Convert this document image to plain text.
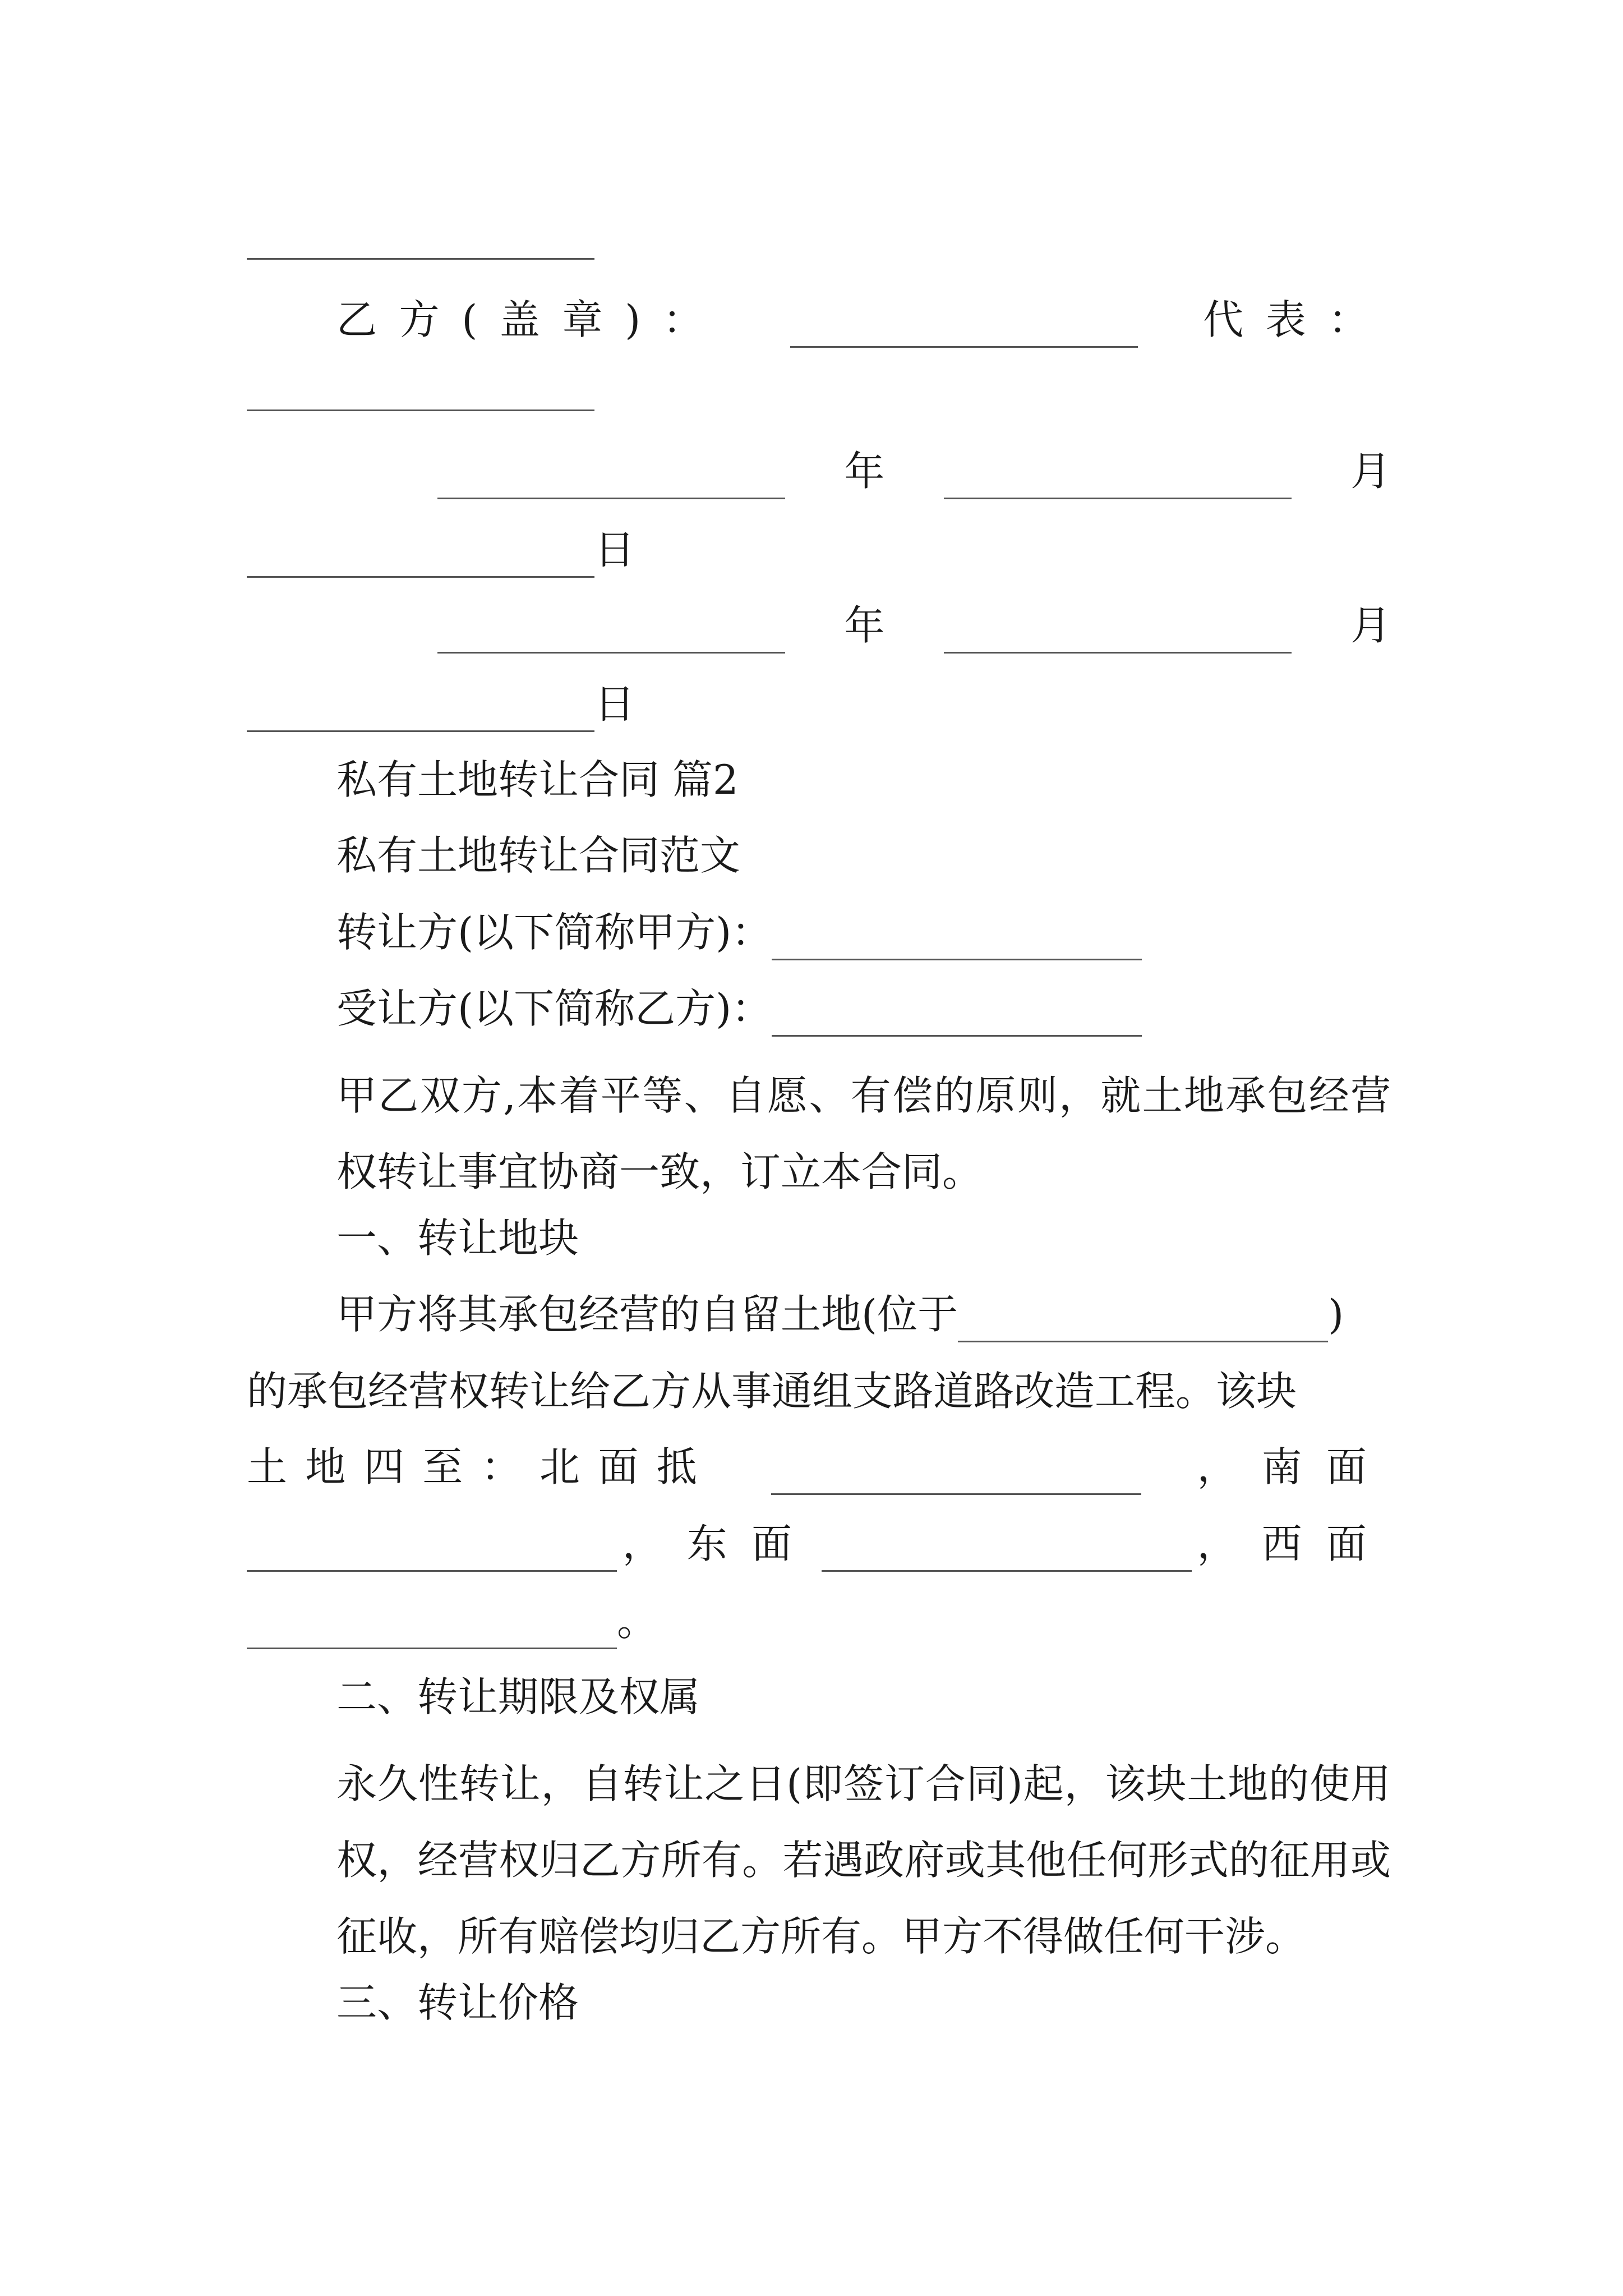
乙方(盖章)：	代表：
年	月
日
年	月
日
私有土地转让合同 篇2
私有土地转让合同范文
转让方(以下简称甲方)：
受让方(以下简称乙方)：
甲乙双方,本着平等、自愿、有偿的原则，就土地承包经营权转让事宜协商一致，订立本合同。
一、转让地块
甲方将其承包经营的自留土地(位于	)
的承包经营权转让给乙方从事通组支路道路改造工程。该块
土地四至：北面抵	，南面
，东面	，西面
。
二、转让期限及权属
永久性转让，自转让之日(即签订合同)起，该块土地的使用权，经营权归乙方所有。若遇政府或其他任何形式的征用或征收，所有赔偿均归乙方所有。甲方不得做任何干涉。
三、转让价格
